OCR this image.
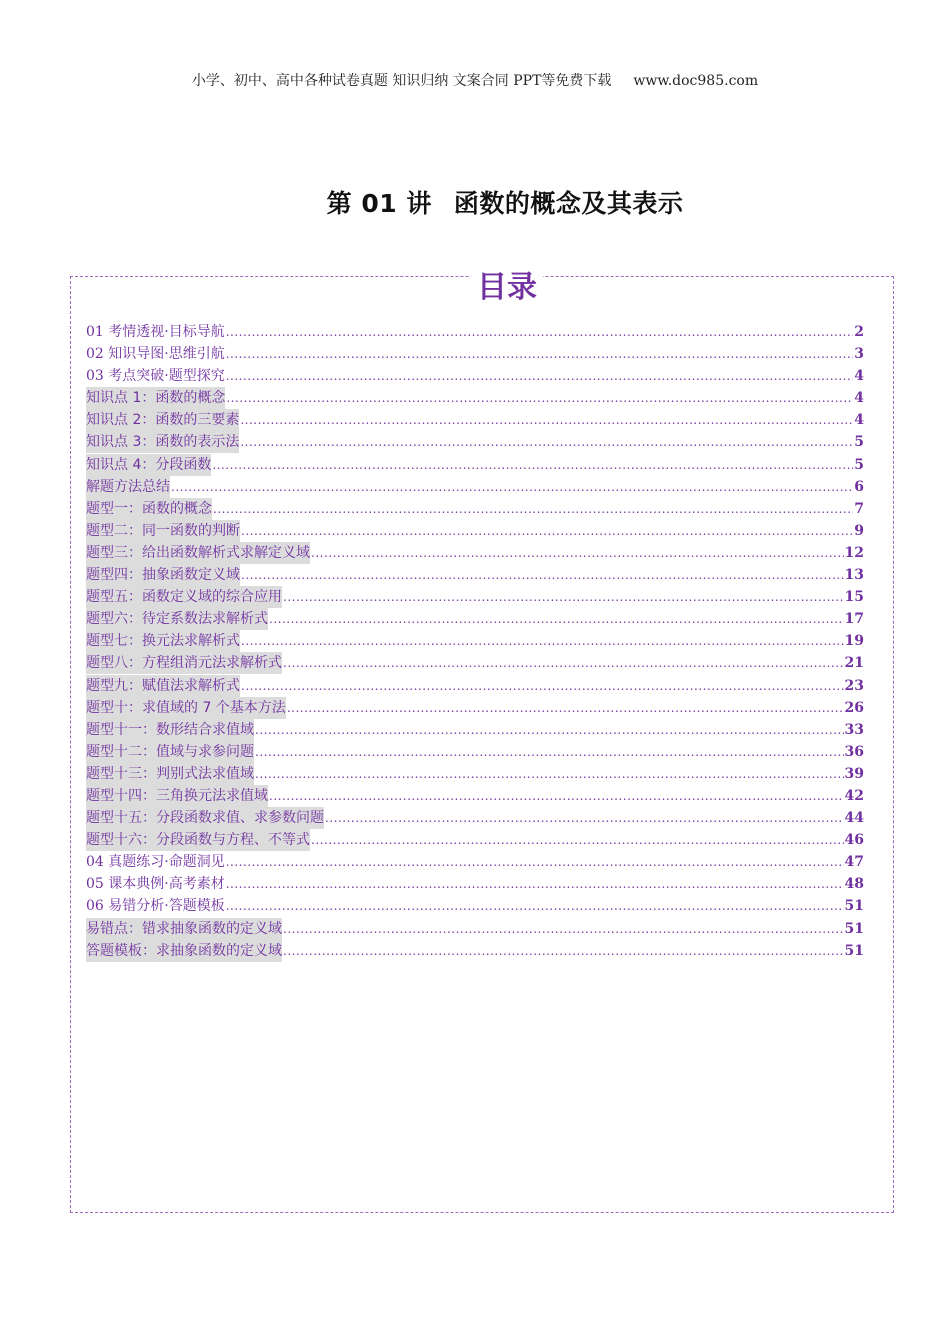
小学、初中、高中各种试卷真题 知识归纳 文案合同 PPT等免费下载 www.doc985.com
第 01 讲 函数的概念及其表示
目录
01 考情透视·目标导航 .....	2
02 知识导图·思维引航 .....	3
03 考点突破·题型探究 .....	4
知识点 1：函数的概念 .....	4
知识点 2：函数的三要素 .....	4
知识点 3：函数的表示法 .....	5
知识点 4：分段函数 .....	5
解题方法总结 .....	6
题型一：函数的概念 .....	7
题型二：同一函数的判断 .....	9
题型三：给出函数解析式求解定义域 .....	12
题型四：抽象函数定义域 .....	13
题型五：函数定义域的综合应用 .....	15
题型六：待定系数法求解析式 .....	17
题型七：换元法求解析式 .....	19
题型八：方程组消元法求解析式 .....	21
题型九：赋值法求解析式 .....	23
题型十：求值域的 7 个基本方法 .....	26
题型十一：数形结合求值域 .....	33
题型十二：值域与求参问题 .....	36
题型十三：判别式法求值域 .....	39
题型十四：三角换元法求值域 .....	42
题型十五：分段函数求值、求参数问题 .....	44
题型十六：分段函数与方程、不等式 .....	46
04 真题练习·命题洞见 .....	47
05 课本典例·高考素材 .....	48
06 易错分析·答题模板 .....	51
易错点：错求抽象函数的定义域 .....	51
答题模板：求抽象函数的定义域 .....	51
